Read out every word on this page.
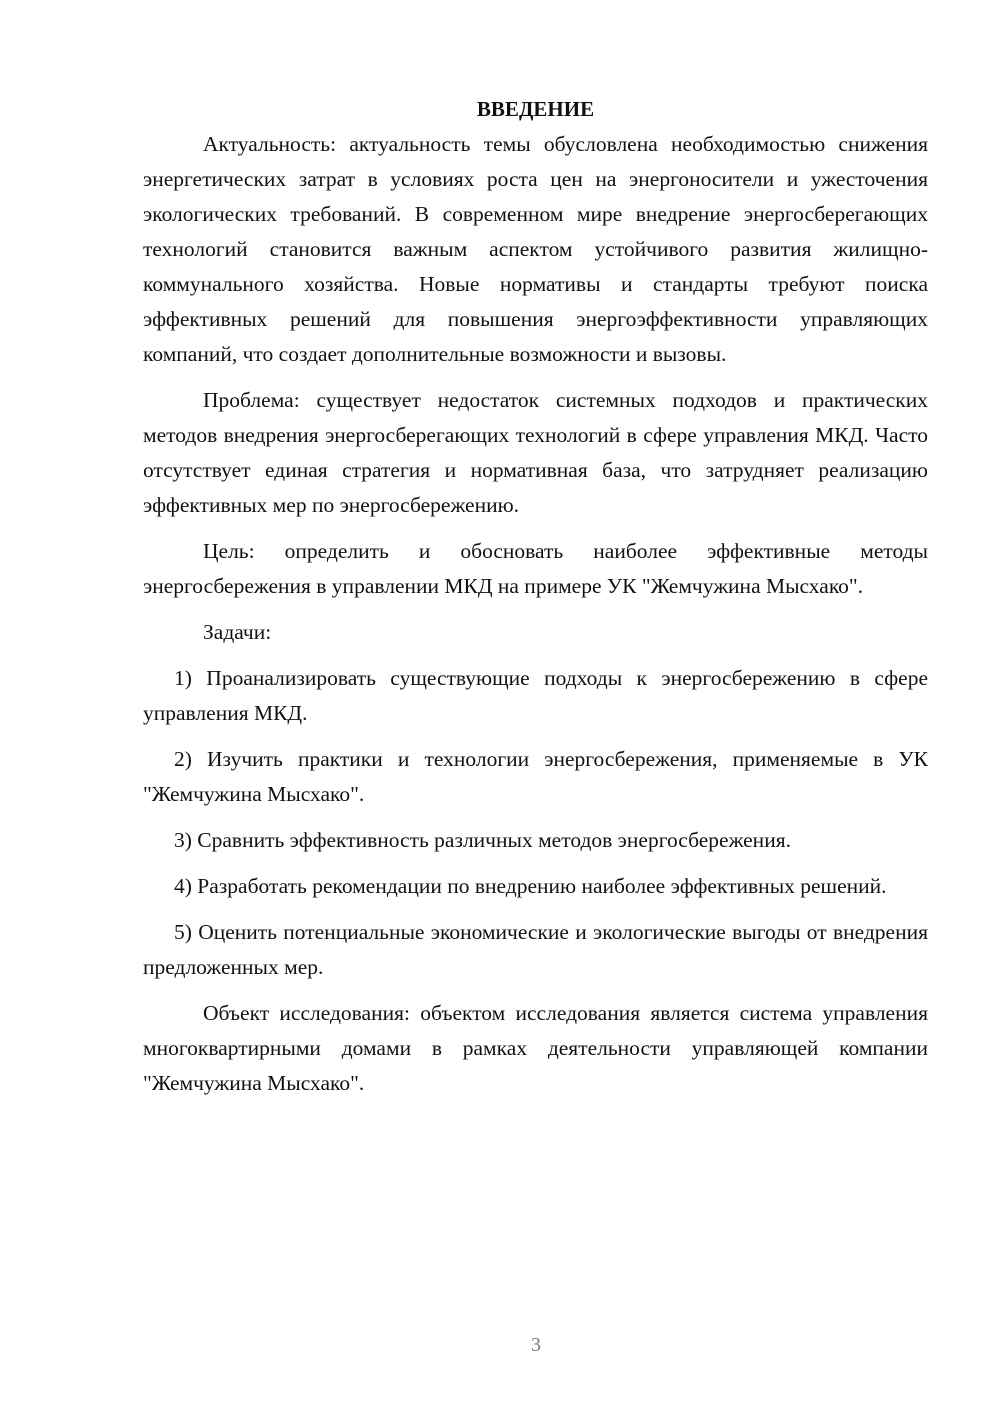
ВВЕДЕНИЕ

Актуальность: актуальность темы обусловлена необходимостью снижения энергетических затрат в условиях роста цен на энергоносители и ужесточения экологических требований. В современном мире внедрение энергосберегающих технологий становится важным аспектом устойчивого развития жилищно-коммунального хозяйства. Новые нормативы и стандарты требуют поиска эффективных решений для повышения энергоэффективности управляющих компаний, что создает дополнительные возможности и вызовы.

Проблема: существует недостаток системных подходов и практических методов внедрения энергосберегающих технологий в сфере управления МКД. Часто отсутствует единая стратегия и нормативная база, что затрудняет реализацию эффективных мер по энергосбережению.

Цель: определить и обосновать наиболее эффективные методы энергосбережения в управлении МКД на примере УК "Жемчужина Мысхако".

Задачи:

1) Проанализировать существующие подходы к энергосбережению в сфере управления МКД.

2) Изучить практики и технологии энергосбережения, применяемые в УК "Жемчужина Мысхако".

3) Сравнить эффективность различных методов энергосбережения.

4) Разработать рекомендации по внедрению наиболее эффективных решений.

5) Оценить потенциальные экономические и экологические выгоды от внедрения предложенных мер.

Объект исследования: объектом исследования является система управления многоквартирными домами в рамках деятельности управляющей компании "Жемчужина Мысхако".

3
